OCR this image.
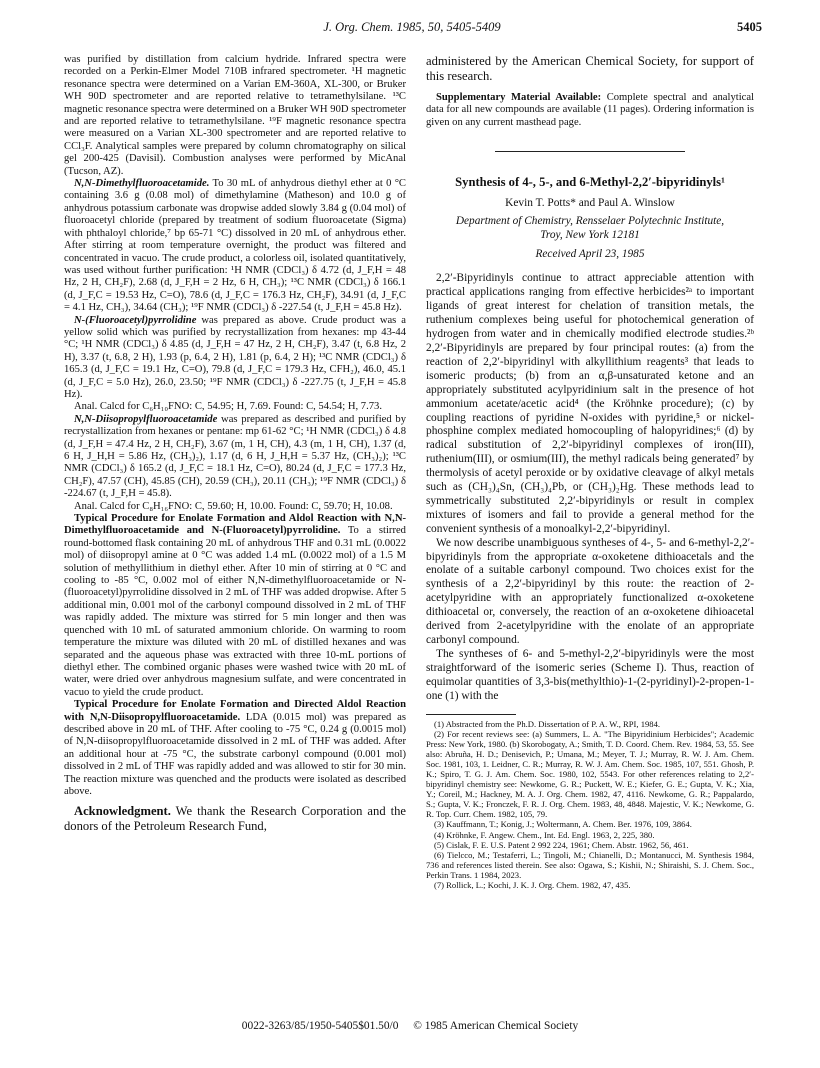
J. Org. Chem. 1985, 50, 5405-5409	5405

was purified by distillation from calcium hydride. Infrared spectra were recorded on a Perkin-Elmer Model 710B infrared spectrometer. ¹H magnetic resonance spectra were determined on a Varian EM-360A, XL-300, or Bruker WH 90D spectrometer and are reported relative to tetramethylsilane. ¹³C magnetic resonance spectra were determined on a Bruker WH 90D spectrometer and are reported relative to tetramethylsilane. ¹⁹F magnetic resonance spectra were measured on a Varian XL-300 spectrometer and are reported relative to CCl₃F. Analytical samples were prepared by column chromatography on silical gel 200-425 (Davisil). Combustion analyses were performed by MicAnal (Tucson, AZ).

N,N-Dimethylfluoroacetamide. To 30 mL of anhydrous diethyl ether at 0 °C containing 3.6 g (0.08 mol) of dimethylamine (Matheson) and 10.0 g of anhydrous potassium carbonate was dropwise added slowly 3.84 g (0.04 mol) of fluoroacetyl chloride (prepared by treatment of sodium fluoroacetate (Sigma) with phthaloyl chloride,⁷ bp 65-71 °C) dissolved in 20 mL of anhydrous ether. After stirring at room temperature overnight, the product was filtered and concentrated in vacuo. The crude product, a colorless oil, isolated quantitatively, was used without further purification: ¹H NMR (CDCl₃) δ 4.72 (d, J_F,H = 48 Hz, 2 H, CH₂F), 2.68 (d, J_F,H = 2 Hz, 6 H, CH₃); ¹³C NMR (CDCl₃) δ 166.1 (d, J_F,C = 19.53 Hz, C=O), 78.6 (d, J_F,C = 176.3 Hz, CH₂F), 34.91 (d, J_F,C = 4.1 Hz, CH₃), 34.64 (CH₃); ¹⁹F NMR (CDCl₃) δ -227.54 (t, J_F,H = 45.8 Hz).

N-(Fluoroacetyl)pyrrolidine was prepared as above. Crude product was a yellow solid which was purified by recrystallization from hexanes: mp 43-44 °C; ¹H NMR (CDCl₃) δ 4.85 (d, J_F,H = 47 Hz, 2 H, CH₂F), 3.47 (t, 6.8 Hz, 2 H), 3.37 (t, 6.8, 2 H), 1.93 (p, 6.4, 2 H), 1.81 (p, 6.4, 2 H); ¹³C NMR (CDCl₃) δ 165.3 (d, J_F,C = 19.1 Hz, C=O), 79.8 (d, J_F,C = 179.3 Hz, CFH₂), 46.0, 45.1 (d, J_F,C = 5.0 Hz), 26.0, 23.50; ¹⁹F NMR (CDCl₃) δ -227.75 (t, J_F,H = 45.8 Hz).

Anal. Calcd for C₆H₁₀FNO: C, 54.95; H, 7.69. Found: C, 54.54; H, 7.73.

N,N-Diisopropylfluoroacetamide was prepared as described and purified by recrystallization from hexanes or pentane: mp 61-62 °C; ¹H NMR (CDCl₃) δ 4.8 (d, J_F,H = 47.4 Hz, 2 H, CH₂F), 3.67 (m, 1 H, CH), 4.3 (m, 1 H, CH), 1.37 (d, 6 H, J_H,H = 5.86 Hz, (CH₃)₂), 1.17 (d, 6 H, J_H,H = 5.37 Hz, (CH₃)₂); ¹³C NMR (CDCl₃) δ 165.2 (d, J_F,C = 18.1 Hz, C=O), 80.24 (d, J_F,C = 177.3 Hz, CH₂F), 47.57 (CH), 45.85 (CH), 20.59 (CH₃), 20.11 (CH₃); ¹⁹F NMR (CDCl₃) δ -224.67 (t, J_F,H = 45.8).

Anal. Calcd for C₈H₁₆FNO: C, 59.60; H, 10.00. Found: C, 59.70; H, 10.08.

Typical Procedure for Enolate Formation and Aldol Reaction with N,N-Dimethylfluoroacetamide and N-(Fluoroacetyl)pyrrolidine. To a stirred round-bottomed flask containing 20 mL of anhydrous THF and 0.31 mL (0.0022 mol) of diisopropyl amine at 0 °C was added 1.4 mL (0.0022 mol) of a 1.5 M solution of methyllithium in diethyl ether. After 10 min of stirring at 0 °C and cooling to -85 °C, 0.002 mol of either N,N-dimethylfluoroacetamide or N-(fluoroacetyl)pyrrolidine dissolved in 2 mL of THF was added dropwise. After 5 additional min, 0.001 mol of the carbonyl compound dissolved in 2 mL of THF was rapidly added. The mixture was stirred for 5 min longer and then was quenched with 10 mL of saturated ammonium chloride. On warming to room temperature the mixture was diluted with 20 mL of distilled hexanes and was separated and the aqueous phase was extracted with three 10-mL portions of diethyl ether. The combined organic phases were washed twice with 20 mL of water, were dried over anhydrous magnesium sulfate, and were concentrated in vacuo to yield the crude product.

Typical Procedure for Enolate Formation and Directed Aldol Reaction with N,N-Diisopropylfluoroacetamide. LDA (0.015 mol) was prepared as described above in 20 mL of THF. After cooling to -75 °C, 0.24 g (0.0015 mol) of N,N-diisopropylfluoroacetamide dissolved in 2 mL of THF was added. After an additional hour at -75 °C, the substrate carbonyl compound (0.001 mol) dissolved in 2 mL of THF was rapidly added and was allowed to stir for 30 min. The reaction mixture was quenched and the products were isolated as described above.

Acknowledgment. We thank the Research Corporation and the donors of the Petroleum Research Fund,

administered by the American Chemical Society, for support of this research.

Supplementary Material Available: Complete spectral and analytical data for all new compounds are available (11 pages). Ordering information is given on any current masthead page.

Synthesis of 4-, 5-, and 6-Methyl-2,2′-bipyridinyls¹
Kevin T. Potts* and Paul A. Winslow
Department of Chemistry, Rensselaer Polytechnic Institute,
Troy, New York 12181
Received April 23, 1985

2,2′-Bipyridinyls continue to attract appreciable attention with practical applications ranging from effective herbicides²ᵃ to important ligands of great interest for chelation of transition metals, the ruthenium complexes being useful for photochemical generation of hydrogen from water and in chemically modified electrode studies.²ᵇ 2,2′-Bipyridinyls are prepared by four principal routes: (a) from the reaction of 2,2′-bipyridinyl with alkyllithium reagents³ that leads to isomeric products; (b) from an α,β-unsaturated ketone and an appropriately substituted acylpyridinium salt in the presence of hot ammonium acetate/acetic acid⁴ (the Kröhnke procedure); (c) by coupling reactions of pyridine N-oxides with pyridine,⁵ or nickel-phosphine complex mediated homocoupling of halopyridines;⁶ (d) by radical substitution of 2,2′-bipyridinyl complexes of iron(III), ruthenium(III), or osmium(III), the methyl radicals being generated⁷ by thermolysis of acetyl peroxide or by oxidative cleavage of alkyl metals such as (CH₃)₄Sn, (CH₃)₄Pb, or (CH₃)₂Hg. These methods lead to symmetrically substituted 2,2′-bipyridinyls or result in complex mixtures of isomers and fail to provide a general method for the convenient synthesis of a monoalkyl-2,2′-bipyridinyl.

We now describe unambiguous syntheses of 4-, 5- and 6-methyl-2,2′-bipyridinyls from the appropriate α-oxoketene dithioacetals and the enolate of a suitable carbonyl compound. Two choices exist for the synthesis of a 2,2′-bipyridinyl by this route: the reaction of 2-acetylpyridine with an appropriately functionalized α-oxoketene dithioacetal or, conversely, the reaction of an α-oxoketene dihioacetal derived from 2-acetylpyridine with the enolate of an appropriate carbonyl compound.

The syntheses of 6- and 5-methyl-2,2′-bipyridinyls were the most straightforward of the isomeric series (Scheme I). Thus, reaction of equimolar quantities of 3,3-bis(methylthio)-1-(2-pyridinyl)-2-propen-1-one (1) with the

(1) Abstracted from the Ph.D. Dissertation of P. A. W., RPI, 1984.

(2) For recent reviews see: (a) Summers, L. A. "The Bipyridinium Herbicides"; Academic Press: New York, 1980. (b) Skorobogaty, A.; Smith, T. D. Coord. Chem. Rev. 1984, 53, 55. See also: Abruña, H. D.; Denisevich, P.; Umana, M.; Meyer, T. J.; Murray, R. W. J. Am. Chem. Soc. 1981, 103, 1. Leidner, C. R.; Murray, R. W. J. Am. Chem. Soc. 1985, 107, 551. Ghosh, P. K.; Spiro, T. G. J. Am. Chem. Soc. 1980, 102, 5543. For other references relating to 2,2′-bipyridinyl chemistry see: Newkome, G. R.; Puckett, W. E.; Kiefer, G. E.; Gupta, V. K.; Xia, Y.; Coreil, M.; Hackney, M. A. J. Org. Chem. 1982, 47, 4116. Newkome, G. R.; Pappalardo, S.; Gupta, V. K.; Fronczek, F. R. J. Org. Chem. 1983, 48, 4848. Majestic, V. K.; Newkome, G. R. Top. Curr. Chem. 1982, 105, 79.

(3) Kauffmann, T.; Konig, J.; Woltermann, A. Chem. Ber. 1976, 109, 3864.

(4) Kröhnke, F. Angew. Chem., Int. Ed. Engl. 1963, 2, 225, 380.

(5) Cislak, F. E. U.S. Patent 2 992 224, 1961; Chem. Abstr. 1962, 56, 461.

(6) Tielcco, M.; Testaferri, L.; Tingoli, M.; Chianelli, D.; Montanucci, M. Synthesis 1984, 736 and references listed therein. See also: Ogawa, S.; Kishii, N.; Shiraishi, S. J. Chem. Soc., Perkin Trans. 1 1984, 2023.

(7) Rollick, L.; Kochi, J. K. J. Org. Chem. 1982, 47, 435.

0022-3263/85/1950-5405$01.50/0 © 1985 American Chemical Society
